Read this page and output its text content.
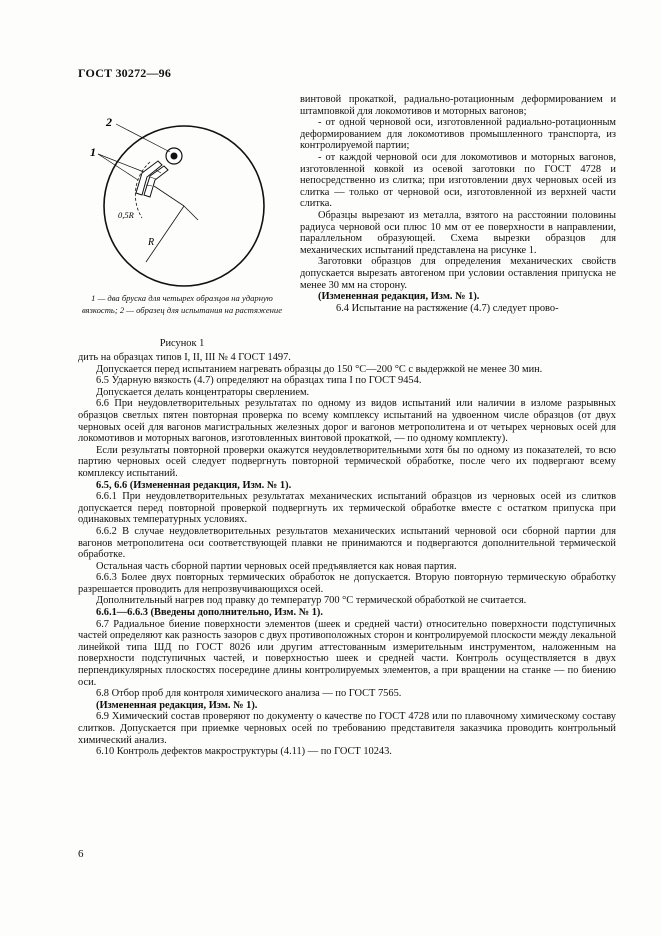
ГОСТ 30272—96
1
2
0,5R
R
1 — два бруска для четырех образцов на ударную вязкость; 2 — образец для испытания на растяжение
Рисунок 1

винтовой прокаткой, радиально-ротационным деформированием и штамповкой для локомотивов и моторных вагонов;

- от одной черновой оси, изготовленной радиально-ротационным деформированием для локомотивов промышленного транспорта, из контролируемой партии;

- от каждой черновой оси для локомотивов и моторных вагонов, изготовленной ковкой из осевой заготовки по ГОСТ 4728 и непосредственно из слитка; при изготовлении двух черновых осей из слитка — только от черновой оси, изготовленной из верхней части слитка.

Образцы вырезают из металла, взятого на расстоянии половины радиуса черновой оси плюс 10 мм от ее поверхности в направлении, параллельном образующей. Схема вырезки образцов для механических испытаний представлена на рисунке 1.

Заготовки образцов для определения механических свойств допускается вырезать автогеном при условии оставления припуска не менее 30 мм на сторону.

(Измененная редакция, Изм. № 1).

6.4 Испытание на растяжение (4.7) следует прово-

дить на образцах типов I, II, III № 4 ГОСТ 1497.

Допускается перед испытанием нагревать образцы до 150 °С—200 °С с выдержкой не менее 30 мин.

6.5 Ударную вязкость (4.7) определяют на образцах типа I по ГОСТ 9454.

Допускается делать концентраторы сверлением.

6.6 При неудовлетворительных результатах по одному из видов испытаний или наличии в изломе разрывных образцов светлых пятен повторная проверка по всему комплексу испытаний на удвоенном числе образцов (от двух черновых осей для вагонов магистральных железных дорог и вагонов метрополитена и от четырех черновых осей для локомотивов и моторных вагонов, изготовленных винтовой прокаткой, — по одному комплекту).

Если результаты повторной проверки окажутся неудовлетворительными хотя бы по одному из показателей, то всю партию черновых осей следует подвергнуть повторной термической обработке, после чего их подвергают всему комплексу испытаний.

6.5, 6.6 (Измененная редакция, Изм. № 1).

6.6.1 При неудовлетворительных результатах механических испытаний образцов из черновых осей из слитков допускается перед повторной проверкой подвергнуть их термической обработке вместе с остатком припуска при одинаковых температурных условиях.

6.6.2 В случае неудовлетворительных результатов механических испытаний черновой оси сборной партии для вагонов метрополитена оси соответствующей плавки не принимаются и подвергаются дополнительной термической обработке.

Остальная часть сборной партии черновых осей предъявляется как новая партия.

6.6.3 Более двух повторных термических обработок не допускается. Вторую повторную термическую обработку разрешается проводить для непрозвучивающихся осей.

Дополнительный нагрев под правку до температур 700 °С термической обработкой не считается.

6.6.1—6.6.3 (Введены дополнительно, Изм. № 1).

6.7 Радиальное биение поверхности элементов (шеек и средней части) относительно поверхности подступичных частей определяют как разность зазоров с двух противоположных сторон и контролируемой плоскости между лекальной линейкой типа ШД по ГОСТ 8026 или другим аттестованным измерительным инструментом, наложенным на поверхности подступичных частей, и поверхностью шеек и средней части. Контроль осуществляется в двух перпендикулярных плоскостях посередине длины контролируемых элементов, а при вращении на станке — по биению оси.

6.8 Отбор проб для контроля химического анализа — по ГОСТ 7565.

(Измененная редакция, Изм. № 1).

6.9 Химический состав проверяют по документу о качестве по ГОСТ 4728 или по плавочному химическому составу слитков. Допускается при приемке черновых осей по требованию представителя заказчика проводить контрольный химический анализ.

6.10 Контроль дефектов макроструктуры (4.11) — по ГОСТ 10243.

6
